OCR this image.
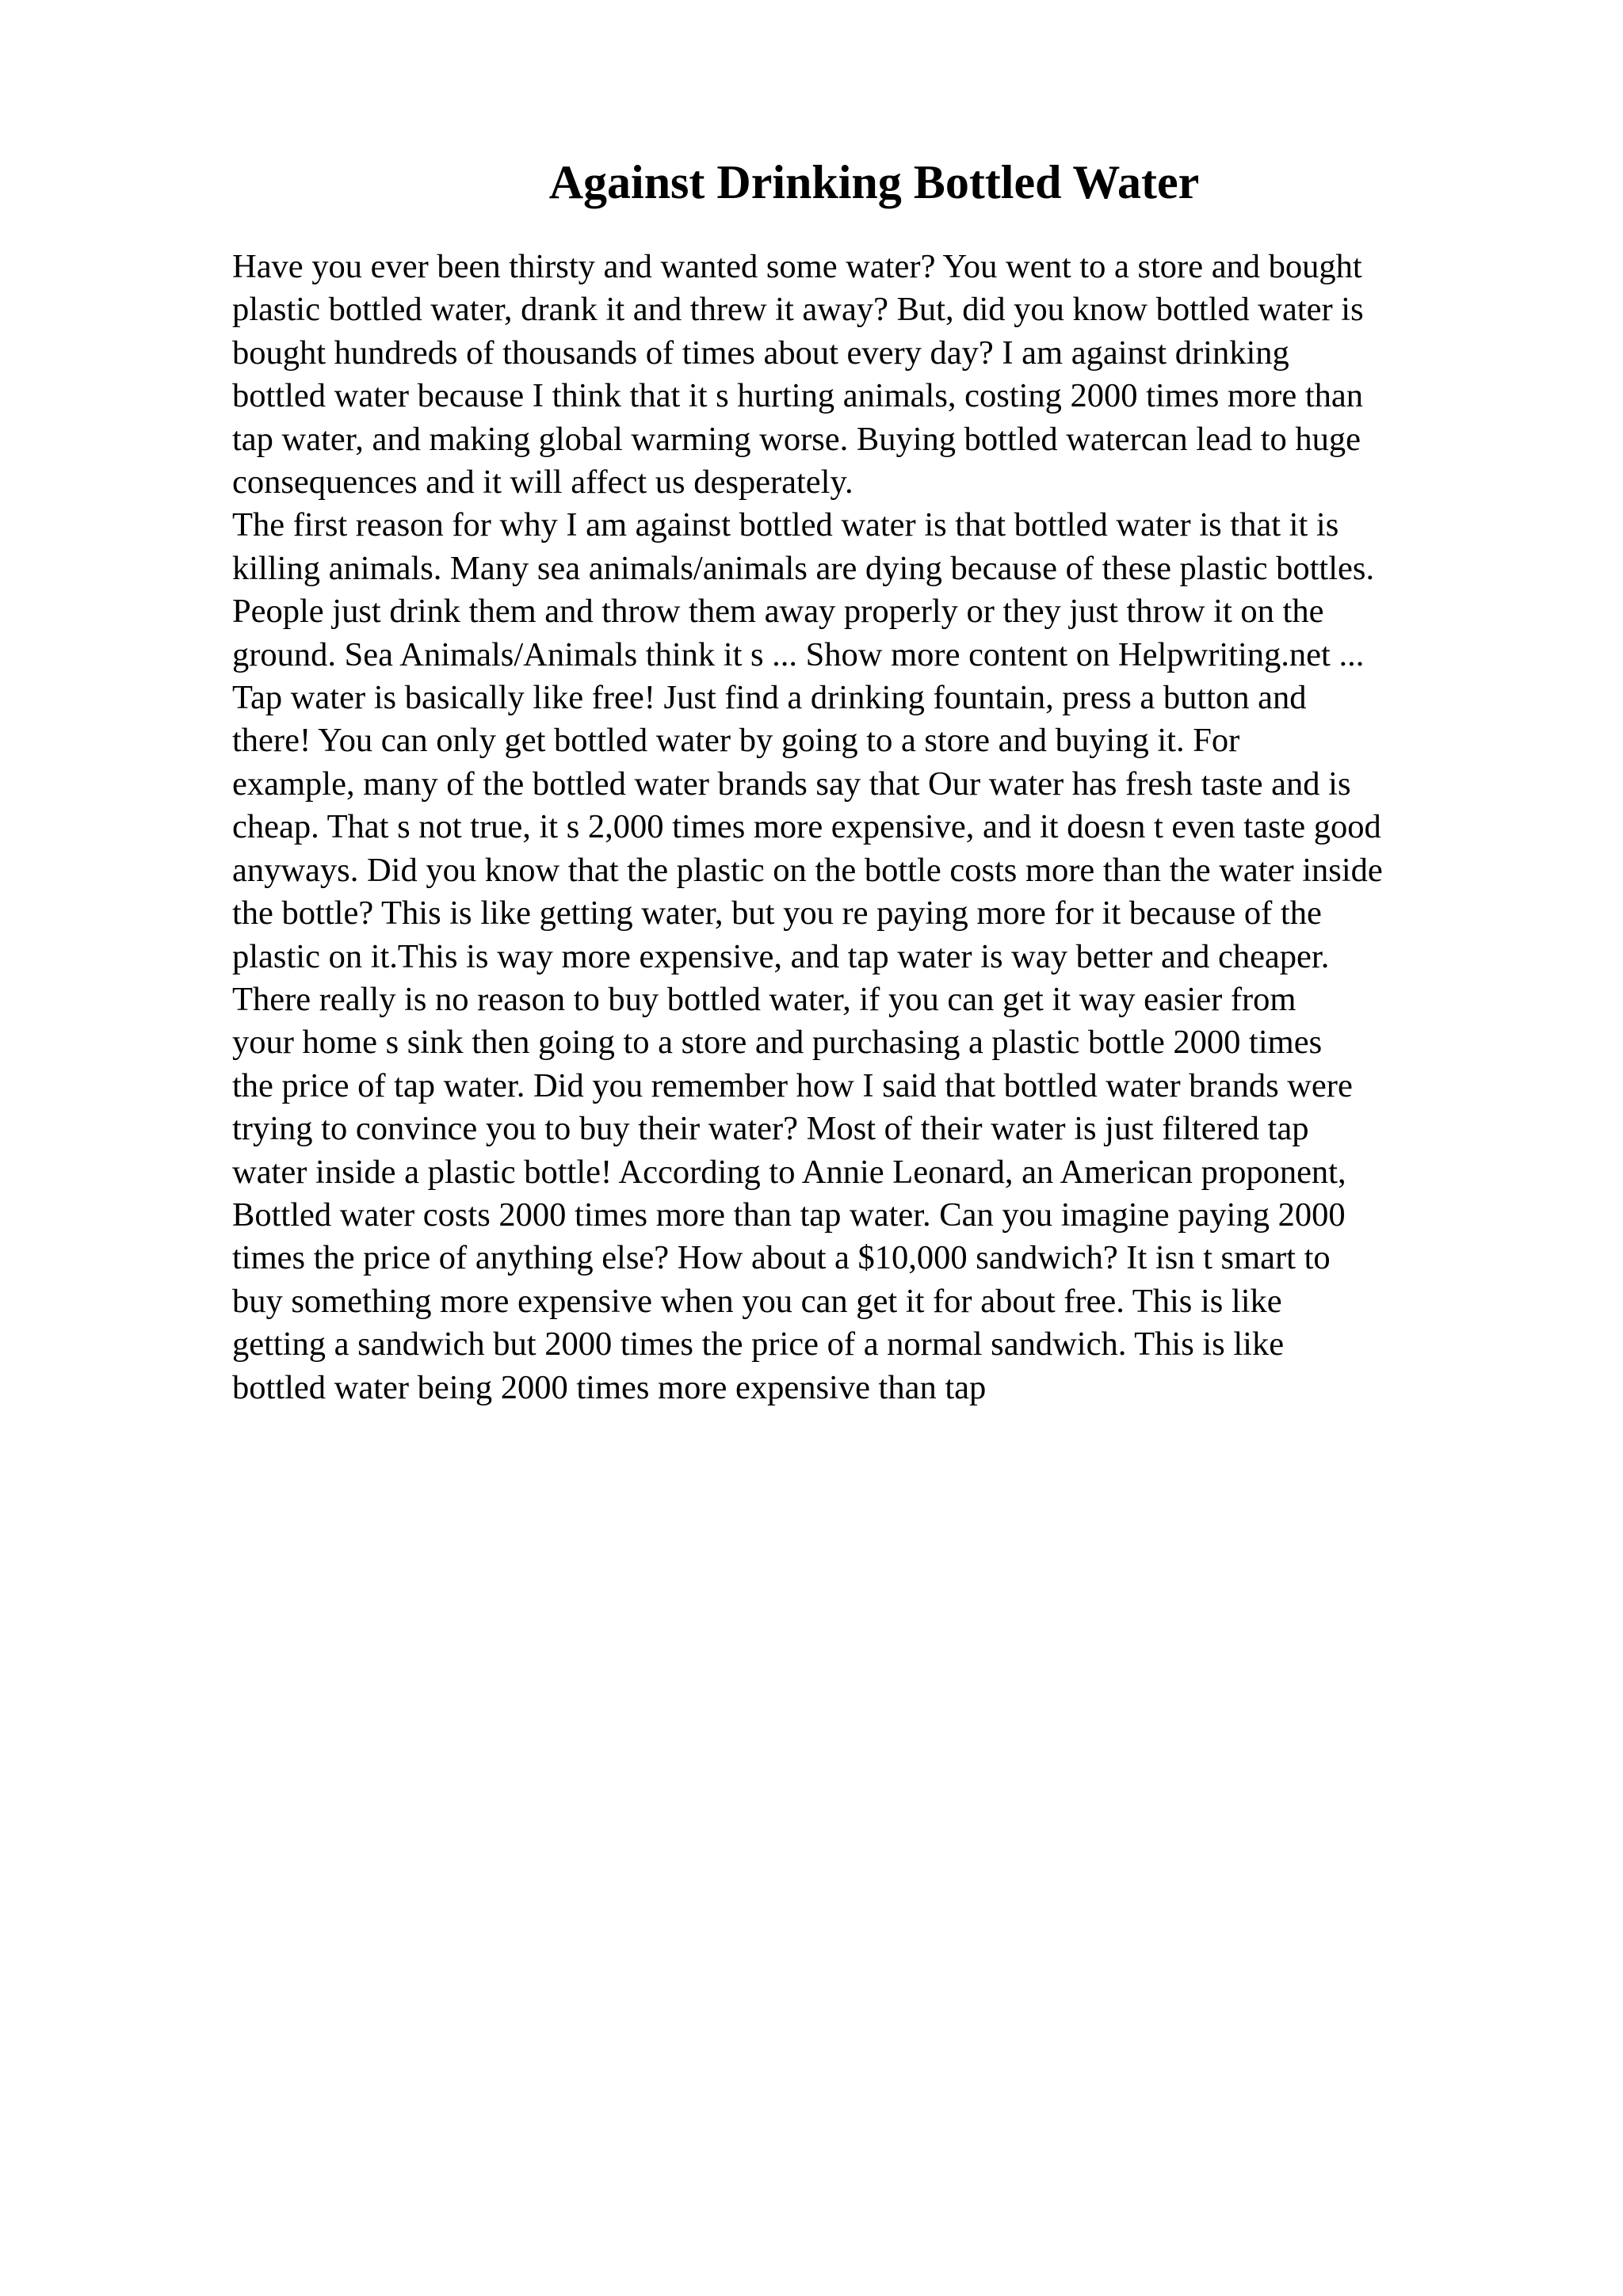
Against Drinking Bottled Water
Have you ever been thirsty and wanted some water? You went to a store and bought
plastic bottled water, drank it and threw it away? But, did you know bottled water is
bought hundreds of thousands of times about every day? I am against drinking
bottled water because I think that it s hurting animals, costing 2000 times more than
tap water, and making global warming worse. Buying bottled watercan lead to huge
consequences and it will affect us desperately.
The first reason for why I am against bottled water is that bottled water is that it is
killing animals. Many sea animals/animals are dying because of these plastic bottles.
People just drink them and throw them away properly or they just throw it on the
ground. Sea Animals/Animals think it s ... Show more content on Helpwriting.net ...
Tap water is basically like free! Just find a drinking fountain, press a button and
there! You can only get bottled water by going to a store and buying it. For
example, many of the bottled water brands say that Our water has fresh taste and is
cheap. That s not true, it s 2,000 times more expensive, and it doesn t even taste good
anyways. Did you know that the plastic on the bottle costs more than the water inside
the bottle? This is like getting water, but you re paying more for it because of the
plastic on it.This is way more expensive, and tap water is way better and cheaper.
There really is no reason to buy bottled water, if you can get it way easier from
your home s sink then going to a store and purchasing a plastic bottle 2000 times
the price of tap water. Did you remember how I said that bottled water brands were
trying to convince you to buy their water? Most of their water is just filtered tap
water inside a plastic bottle! According to Annie Leonard, an American proponent,
Bottled water costs 2000 times more than tap water. Can you imagine paying 2000
times the price of anything else? How about a $10,000 sandwich? It isn t smart to
buy something more expensive when you can get it for about free. This is like
getting a sandwich but 2000 times the price of a normal sandwich. This is like
bottled water being 2000 times more expensive than tap
